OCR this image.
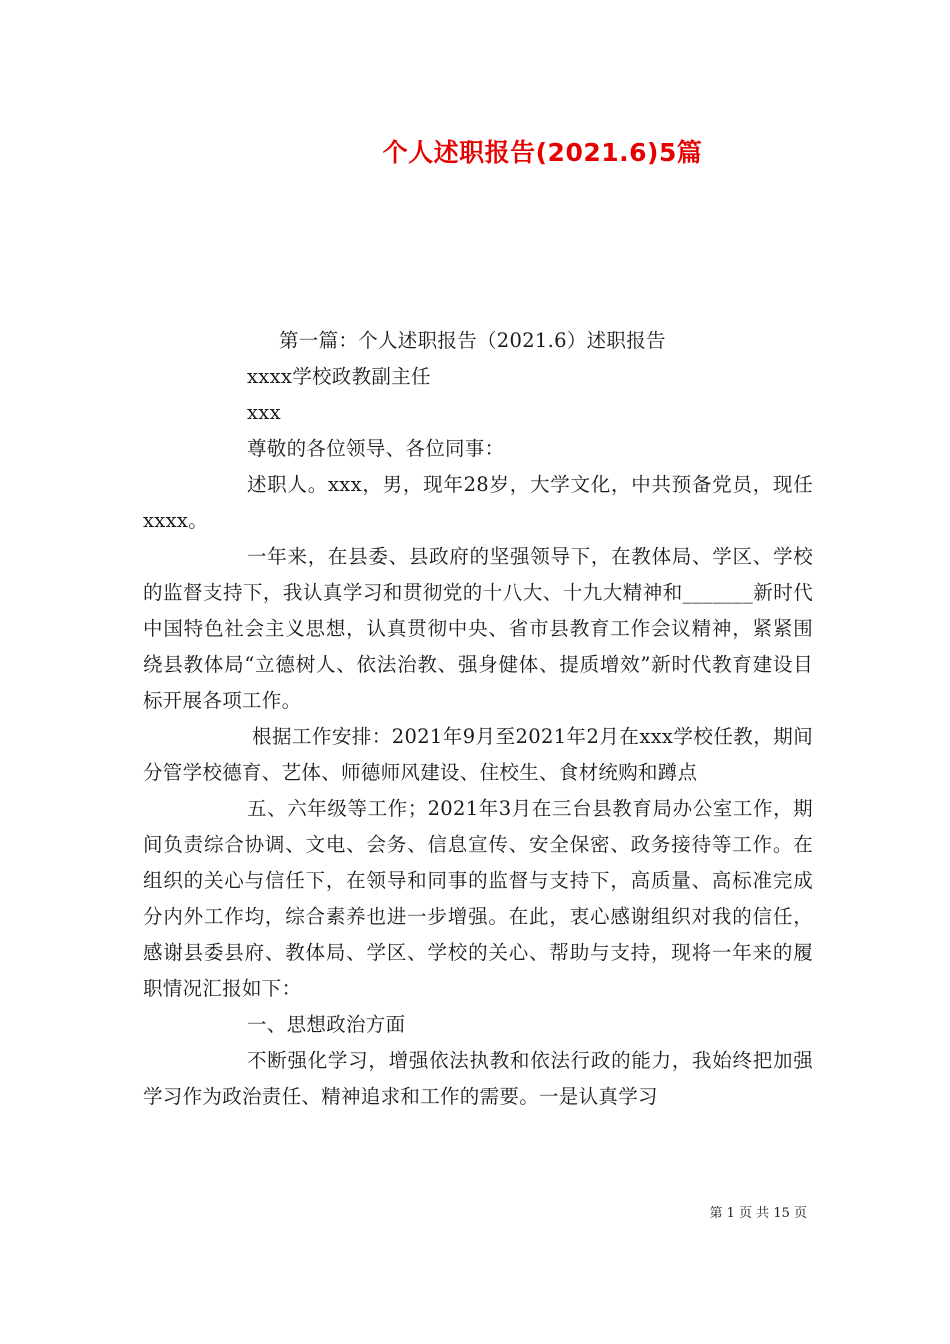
个人述职报告(2021.6)5篇

第一篇：个人述职报告（2021.6）述职报告

xxxx学校政教副主任

xxx

尊敬的各位领导、各位同事：

述职人。xxx，男，现年28岁，大学文化，中共预备党员，现任xxxx。

一年来，在县委、县政府的坚强领导下，在教体局、学区、学校的监督支持下，我认真学习和贯彻党的十八大、十九大精神和_______新时代中国特色社会主义思想，认真贯彻中央、省市县教育工作会议精神，紧紧围绕县教体局“立德树人、依法治教、强身健体、提质增效”新时代教育建设目标开展各项工作。

根据工作安排：2021年9月至2021年2月在xxx学校任教，期间分管学校德育、艺体、师德师风建设、住校生、食材统购和蹲点

五、六年级等工作；2021年3月在三台县教育局办公室工作，期间负责综合协调、文电、会务、信息宣传、安全保密、政务接待等工作。在组织的关心与信任下，在领导和同事的监督与支持下，高质量、高标准完成分内外工作均，综合素养也进一步增强。在此，衷心感谢组织对我的信任，感谢县委县府、教体局、学区、学校的关心、帮助与支持，现将一年来的履职情况汇报如下：

一、思想政治方面

不断强化学习，增强依法执教和依法行政的能力，我始终把加强学习作为政治责任、精神追求和工作的需要。一是认真学习

第 1 页 共 15 页
